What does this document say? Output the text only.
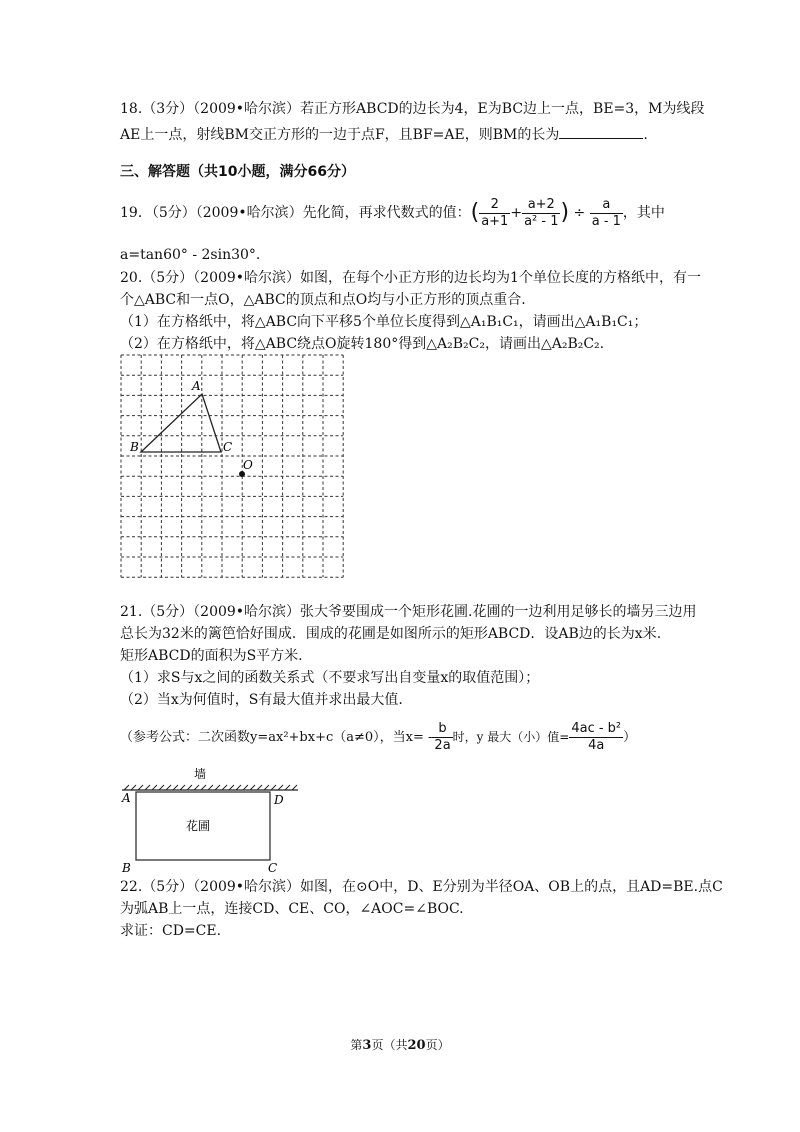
18.（3分）（2009•哈尔滨）若正方形ABCD的边长为4，E为BC边上一点，BE=3，M为线段
AE上一点，射线BM交正方形的一边于点F，且BF=AE，则BM的长为	.
三、解答题（共10小题，满分66分）
19．（5分）（2009•哈尔滨）先化简，再求代数式的值：( $\frac{2}{a+1} + \frac{a+2}{\text{a² - 1}}$ ) ÷ $\frac{a}{a - 1}$ ，其中
a=tan60° - 2sin30°.
20.（5分）（2009•哈尔滨）如图，在每个小正方形的边长均为1个单位长度的方格纸中，有一
个△ABC和一点O，△ABC的顶点和点O均与小正方形的顶点重合.
（1）在方格纸中，将△ABC向下平移5个单位长度得到△A₁B₁C₁，请画出△A₁B₁C₁；
（2）在方格纸中，将△ABC绕点O旋转180°得到△A₂B₂C₂，请画出△A₂B₂C₂.
A
B	C
O
21.（5分）（2009•哈尔滨）张大爷要围成一个矩形花圃.花圃的一边利用足够长的墙另三边用
总长为32米的篱笆恰好围成．围成的花圃是如图所示的矩形ABCD．设AB边的长为x米.
矩形ABCD的面积为S平方米.
（1）求S与x之间的函数关系式（不要求写出自变量x的取值范围）；
（2）当x为何值时，S有最大值并求出最大值.
（参考公式：二次函数y=ax²+bx+c（a≠0），当$x= - \frac{b}{2a}$ 时，y 最大（小）值= $\frac{\text{4ac - b²}}{4a}$ ）
墙
花圃
A	D
B	C
22.（5分）（2009•哈尔滨）如图，在⊙O中，D、E分别为半径OA、OB上的点，且AD=BE.点C
为弧AB上一点，连接CD、CE、CO，∠AOC=∠BOC.
求证：CD=CE.
第3页（共20页）
